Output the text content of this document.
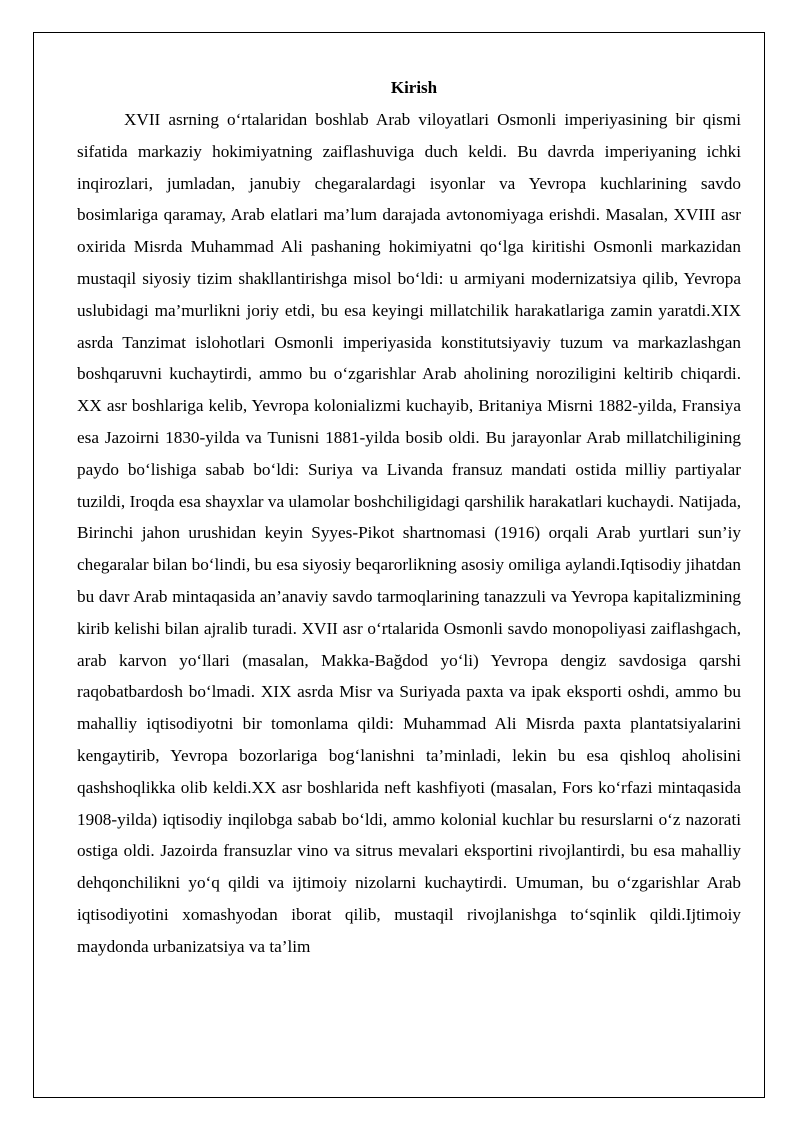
Kirish

XVII asrning o‘rtalaridan boshlab Arab viloyatlari Osmonli imperiyasining bir qismi sifatida markaziy hokimiyatning zaiflashuviga duch keldi. Bu davrda imperiyaning ichki inqirozlari, jumladan, janubiy chegaralardagi isyonlar va Yevropa kuchlarining savdo bosimlariga qaramay, Arab elatlari ma’lum darajada avtonomiyaga erishdi. Masalan, XVIII asr oxirida Misrda Muhammad Ali pashaning hokimiyatni qo‘lga kiritishi Osmonli markazidan mustaqil siyosiy tizim shakllantirishga misol bo‘ldi: u armiyani modernizatsiya qilib, Yevropa uslubidagi ma’murlikni joriy etdi, bu esa keyingi millatchilik harakatlariga zamin yaratdi.XIX asrda Tanzimat islohotlari Osmonli imperiyasida konstitutsiyaviy tuzum va markazlashgan boshqaruvni kuchaytirdi, ammo bu o‘zgarishlar Arab aholining noroziligini keltirib chiqardi. XX asr boshlariga kelib, Yevropa kolonializmi kuchayib, Britaniya Misrni 1882-yilda, Fransiya esa Jazoirni 1830-yilda va Tunisni 1881-yilda bosib oldi. Bu jarayonlar Arab millatchiligining paydo bo‘lishiga sabab bo‘ldi: Suriya va Livanda fransuz mandati ostida milliy partiyalar tuzildi, Iroqda esa shayxlar va ulamolar boshchiligidagi qarshilik harakatlari kuchaydi. Natijada, Birinchi jahon urushidan keyin Syyes-Pikot shartnomasi (1916) orqali Arab yurtlari sun’iy chegaralar bilan bo‘lindi, bu esa siyosiy beqarorlikning asosiy omiliga aylandi.Iqtisodiy jihatdan bu davr Arab mintaqasida an’anaviy savdo tarmoqlarining tanazzuli va Yevropa kapitalizmining kirib kelishi bilan ajralib turadi. XVII asr o‘rtalarida Osmonli savdo monopoliyasi zaiflashgach, arab karvon yo‘llari (masalan, Makka-Bağdod yo‘li) Yevropa dengiz savdosiga qarshi raqobatbardosh bo‘lmadi. XIX asrda Misr va Suriyada paxta va ipak eksporti oshdi, ammo bu mahalliy iqtisodiyotni bir tomonlama qildi: Muhammad Ali Misrda paxta plantatsiyalarini kengaytirib, Yevropa bozorlariga bog‘lanishni ta’minladi, lekin bu esa qishloq aholisini qashshoqlikka olib keldi.XX asr boshlarida neft kashfiyoti (masalan, Fors ko‘rfazi mintaqasida 1908-yilda) iqtisodiy inqilobga sabab bo‘ldi, ammo kolonial kuchlar bu resurslarni o‘z nazorati ostiga oldi. Jazoirda fransuzlar vino va sitrus mevalari eksportini rivojlantirdi, bu esa mahalliy dehqonchilikni yo‘q qildi va ijtimoiy nizolarni kuchaytirdi. Umuman, bu o‘zgarishlar Arab iqtisodiyotini xomashyodan iborat qilib, mustaqil rivojlanishga to‘sqinlik qildi.Ijtimoiy maydonda urbanizatsiya va ta’lim
